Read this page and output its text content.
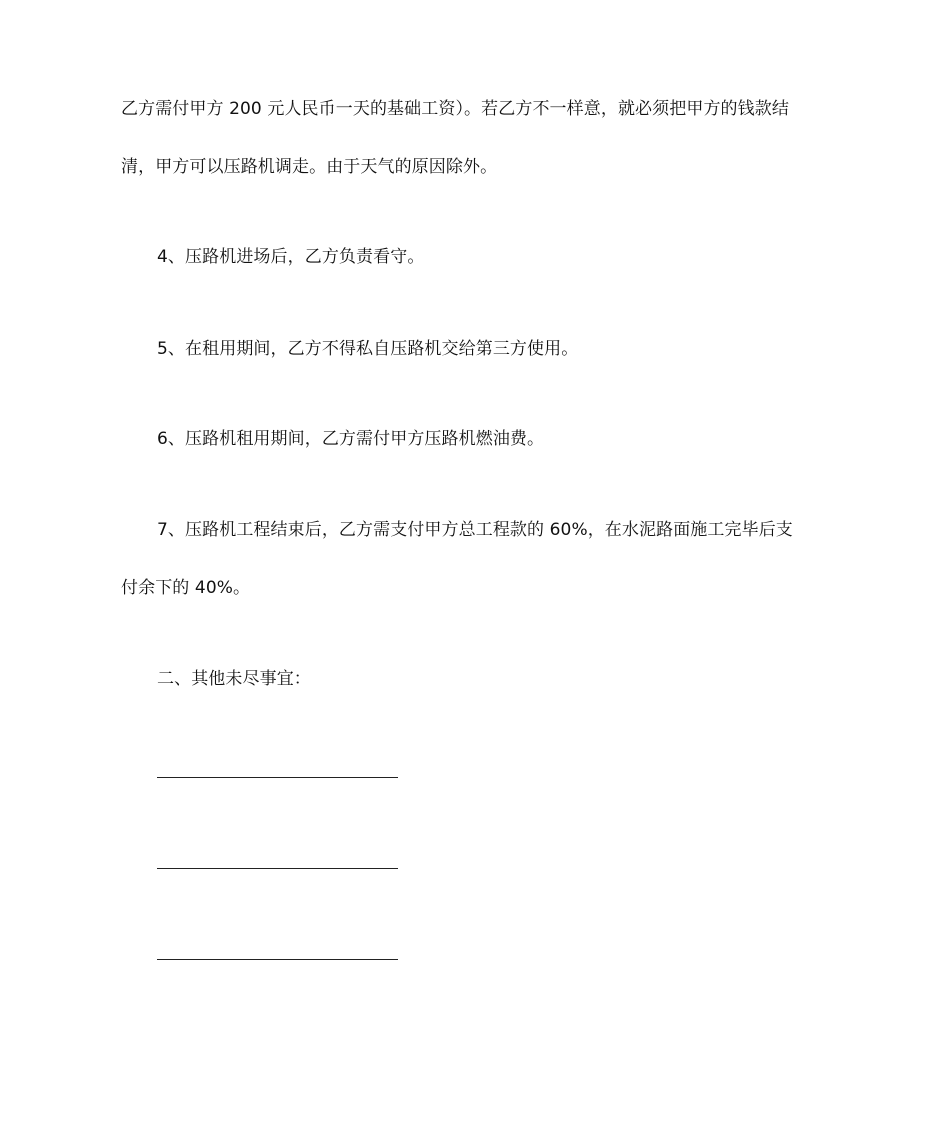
乙方需付甲方 200 元人民币一天的基础工资）。若乙方不一样意，就必须把甲方的钱款结
清，甲方可以压路机调走。由于天气的原因除外。
4、压路机进场后，乙方负责看守。
5、在租用期间，乙方不得私自压路机交给第三方使用。
6、压路机租用期间，乙方需付甲方压路机燃油费。
7、压路机工程结束后，乙方需支付甲方总工程款的 60%，在水泥路面施工完毕后支
付余下的 40%。
二、其他未尽事宜：
